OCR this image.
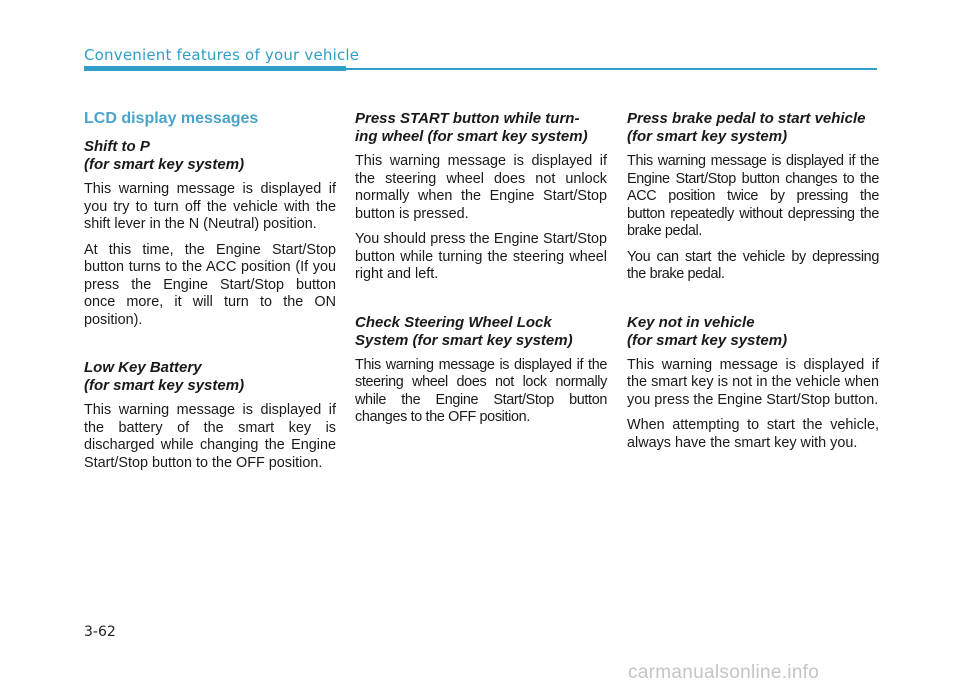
Convenient features of your vehicle
LCD display messages
Shift to P
(for smart key system)

This warning message is displayed if you try to turn off the vehicle with the shift lever in the N (Neutral) position.

At this time, the Engine Start/Stop button turns to the ACC position (If you press the Engine Start/Stop button once more, it will turn to the ON position).

Low Key Battery
(for smart key system)

This warning message is displayed if the battery of the smart key is discharged while changing the Engine Start/Stop button to the OFF position.

Press START button while turn-
ing wheel (for smart key system)

This warning message is displayed if the steering wheel does not unlock normally when the Engine Start/Stop button is pressed.

You should press the Engine Start/Stop button while turning the steering wheel right and left.

Check Steering Wheel Lock
System (for smart key system)

This warning message is displayed if the steering wheel does not lock normally while the Engine Start/Stop button changes to the OFF position.

Press brake pedal to start vehicle
(for smart key system)

This warning message is displayed if the Engine Start/Stop button changes to the ACC position twice by pressing the button repeatedly without depressing the brake pedal.

You can start the vehicle by depressing the brake pedal.

Key not in vehicle
(for smart key system)

This warning message is displayed if the smart key is not in the vehicle when you press the Engine Start/Stop button.

When attempting to start the vehicle, always have the smart key with you.

3-62
carmanualsonline.info
